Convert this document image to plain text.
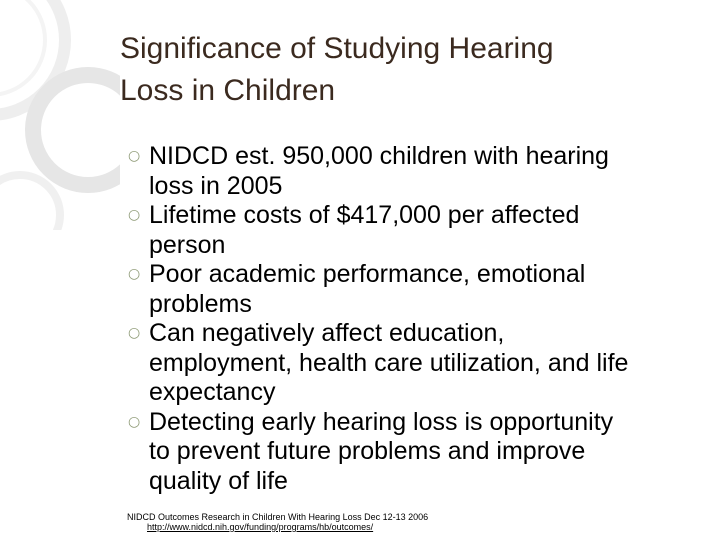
Significance of Studying Hearing
Loss in Children
○ NIDCD est. 950,000 children with hearing
loss in 2005
○ Lifetime costs of $417,000 per affected
person
○ Poor academic performance, emotional
problems
○ Can negatively affect education,
employment, health care utilization, and life
expectancy
○ Detecting early hearing loss is opportunity
to prevent future problems and improve
quality of life
NIDCD Outcomes Research in Children With Hearing Loss Dec 12-13 2006
http://www.nidcd.nih.gov/funding/programs/hb/outcomes/
